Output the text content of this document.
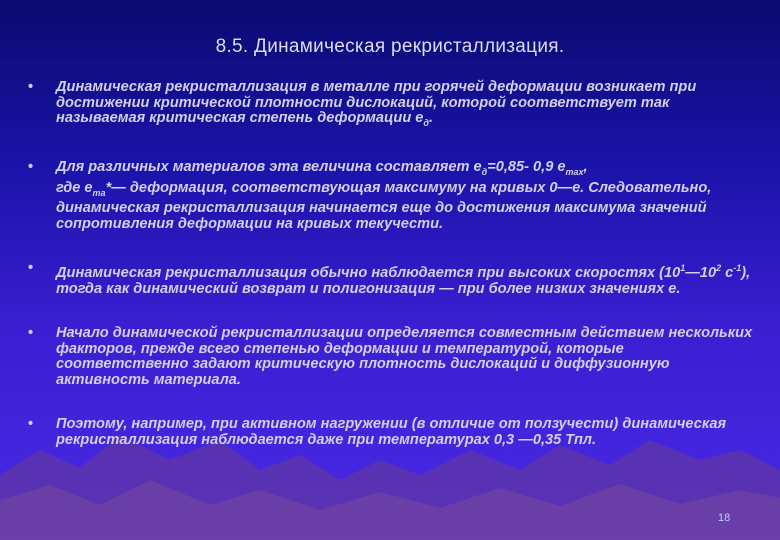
8.5. Динамическая рекристаллизация.
• Динамическая рекристаллизация в металле при горячей деформации возникает при достижении критической плотности дислокаций, которой соответствует так называемая критическая степень деформации $e_д$.
• Для различных материалов эта величина составляет $e_д=0,85-$ 0,9 $e_{max}$,
где $e_{ma}*—$ деформация, соответствующая максимуму на кривых 0—e. Следовательно, динамическая рекристаллизация начинается еще до достижения максимума значений сопротивления деформации на кривых текучести.
• Динамическая рекристаллизация обычно наблюдается при высоких скоростях ($10^1—10^2$ $с^{-1}$), тогда как динамический возврат и полигонизация — при более низких значениях e.
• Начало динамической рекристаллизации определяется совместным действием нескольких факторов, прежде всего степенью деформации и температурой, которые соответственно задают критическую плотность дислокаций и диффузионную активность материала.
• Поэтому, например, при активном нагружении (в отличие от ползучести) динамическая рекристаллизация наблюдается даже при температурах 0,3 —0,35 Тпл.
18
